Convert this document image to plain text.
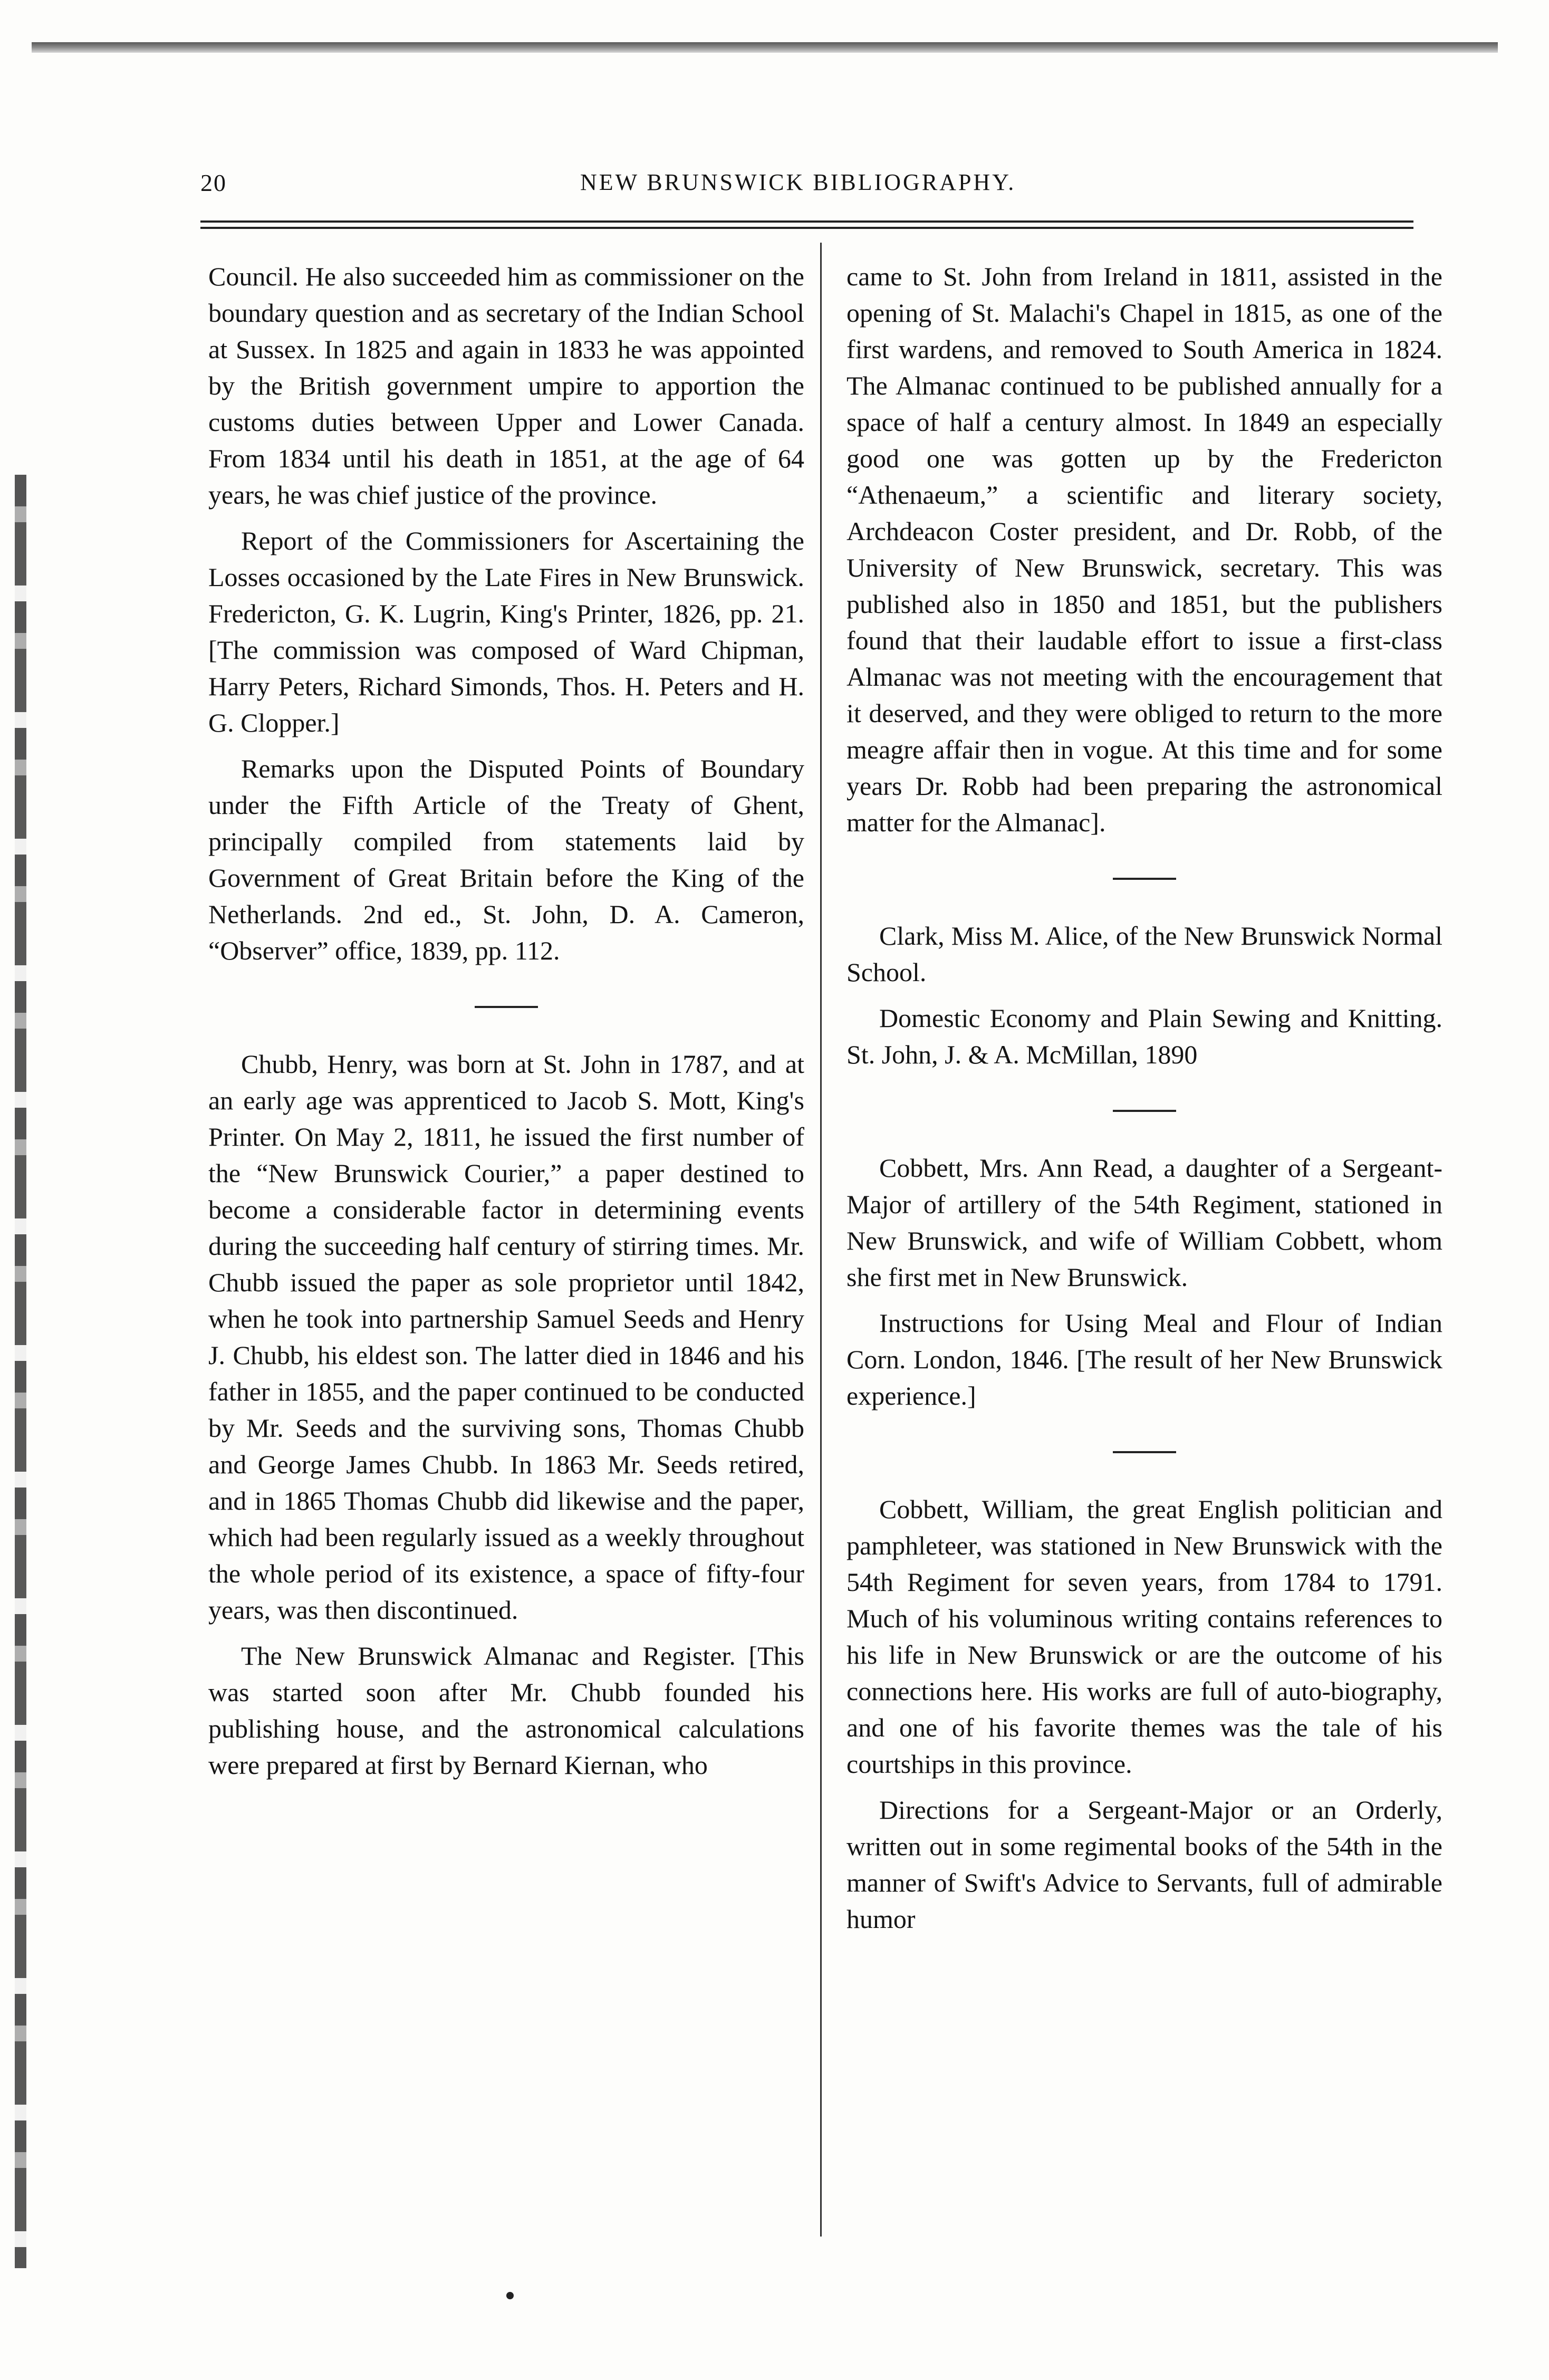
20	NEW BRUNSWICK BIBLIOGRAPHY.

Council. He also succeeded him as commissioner on the boundary question and as secretary of the Indian School at Sussex. In 1825 and again in 1833 he was appointed by the British government umpire to apportion the customs duties between Upper and Lower Canada. From 1834 until his death in 1851, at the age of 64 years, he was chief justice of the province.

Report of the Commissioners for Ascertaining the Losses occasioned by the Late Fires in New Brunswick. Fredericton, G. K. Lugrin, King's Printer, 1826, pp. 21. [The commission was composed of Ward Chipman, Harry Peters, Richard Simonds, Thos. H. Peters and H. G. Clopper.]

Remarks upon the Disputed Points of Boundary under the Fifth Article of the Treaty of Ghent, principally compiled from statements laid by Government of Great Britain before the King of the Netherlands. 2nd ed., St. John, D. A. Cameron, “Observer” office, 1839, pp. 112.

Chubb, Henry, was born at St. John in 1787, and at an early age was apprenticed to Jacob S. Mott, King's Printer. On May 2, 1811, he issued the first number of the “New Brunswick Courier,” a paper destined to become a considerable factor in determining events during the succeeding half century of stirring times. Mr. Chubb issued the paper as sole proprietor until 1842, when he took into partnership Samuel Seeds and Henry J. Chubb, his eldest son. The latter died in 1846 and his father in 1855, and the paper continued to be conducted by Mr. Seeds and the surviving sons, Thomas Chubb and George James Chubb. In 1863 Mr. Seeds retired, and in 1865 Thomas Chubb did likewise and the paper, which had been regularly issued as a weekly throughout the whole period of its existence, a space of fifty-four years, was then discontinued.

The New Brunswick Almanac and Register. [This was started soon after Mr. Chubb founded his publishing house, and the astronomical calculations were prepared at first by Bernard Kiernan, who

came to St. John from Ireland in 1811, assisted in the opening of St. Malachi's Chapel in 1815, as one of the first wardens, and removed to South America in 1824. The Almanac continued to be published annually for a space of half a century almost. In 1849 an especially good one was gotten up by the Fredericton “Athenaeum,” a scientific and literary society, Archdeacon Coster president, and Dr. Robb, of the University of New Brunswick, secretary. This was published also in 1850 and 1851, but the publishers found that their laudable effort to issue a first-class Almanac was not meeting with the encouragement that it deserved, and they were obliged to return to the more meagre affair then in vogue. At this time and for some years Dr. Robb had been preparing the astronomical matter for the Almanac].

Clark, Miss M. Alice, of the New Brunswick Normal School.

Domestic Economy and Plain Sewing and Knitting. St. John, J. & A. McMillan, 1890

Cobbett, Mrs. Ann Read, a daughter of a Sergeant-Major of artillery of the 54th Regiment, stationed in New Brunswick, and wife of William Cobbett, whom she first met in New Brunswick.

Instructions for Using Meal and Flour of Indian Corn. London, 1846. [The result of her New Brunswick experience.]

Cobbett, William, the great English politician and pamphleteer, was stationed in New Brunswick with the 54th Regiment for seven years, from 1784 to 1791. Much of his voluminous writing contains references to his life in New Brunswick or are the outcome of his connections here. His works are full of auto-biography, and one of his favorite themes was the tale of his courtships in this province.

Directions for a Sergeant-Major or an Orderly, written out in some regimental books of the 54th in the manner of Swift's Advice to Servants, full of admirable humor
